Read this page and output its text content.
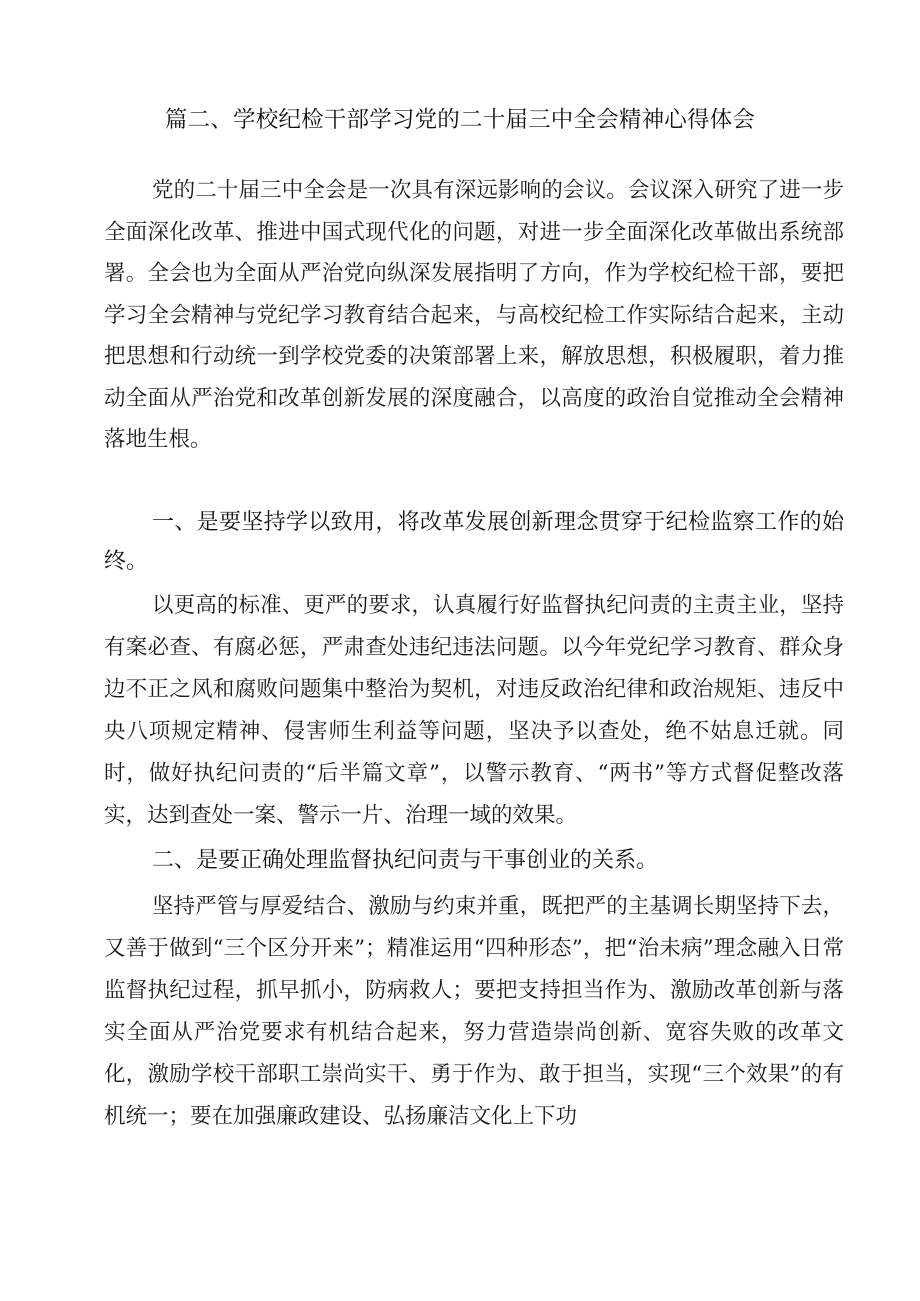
篇二、学校纪检干部学习党的二十届三中全会精神心得体会

党的二十届三中全会是一次具有深远影响的会议。会议深入研究了进一步全面深化改革、推进中国式现代化的问题，对进一步全面深化改革做出系统部署。全会也为全面从严治党向纵深发展指明了方向，作为学校纪检干部，要把学习全会精神与党纪学习教育结合起来，与高校纪检工作实际结合起来，主动把思想和行动统一到学校党委的决策部署上来，解放思想，积极履职，着力推动全面从严治党和改革创新发展的深度融合，以高度的政治自觉推动全会精神落地生根。

一、是要坚持学以致用，将改革发展创新理念贯穿于纪检监察工作的始终。

以更高的标准、更严的要求，认真履行好监督执纪问责的主责主业，坚持有案必查、有腐必惩，严肃查处违纪违法问题。以今年党纪学习教育、群众身边不正之风和腐败问题集中整治为契机，对违反政治纪律和政治规矩、违反中央八项规定精神、侵害师生利益等问题，坚决予以查处，绝不姑息迁就。同时，做好执纪问责的“后半篇文章”，以警示教育、“两书”等方式督促整改落实，达到查处一案、警示一片、治理一域的效果。

二、是要正确处理监督执纪问责与干事创业的关系。

坚持严管与厚爱结合、激励与约束并重，既把严的主基调长期坚持下去，又善于做到“三个区分开来”；精准运用“四种形态”，把“治未病”理念融入日常监督执纪过程，抓早抓小，防病救人；要把支持担当作为、激励改革创新与落实全面从严治党要求有机结合起来，努力营造崇尚创新、宽容失败的改革文化，激励学校干部职工崇尚实干、勇于作为、敢于担当，实现“三个效果”的有机统一；要在加强廉政建设、弘扬廉洁文化上下功
